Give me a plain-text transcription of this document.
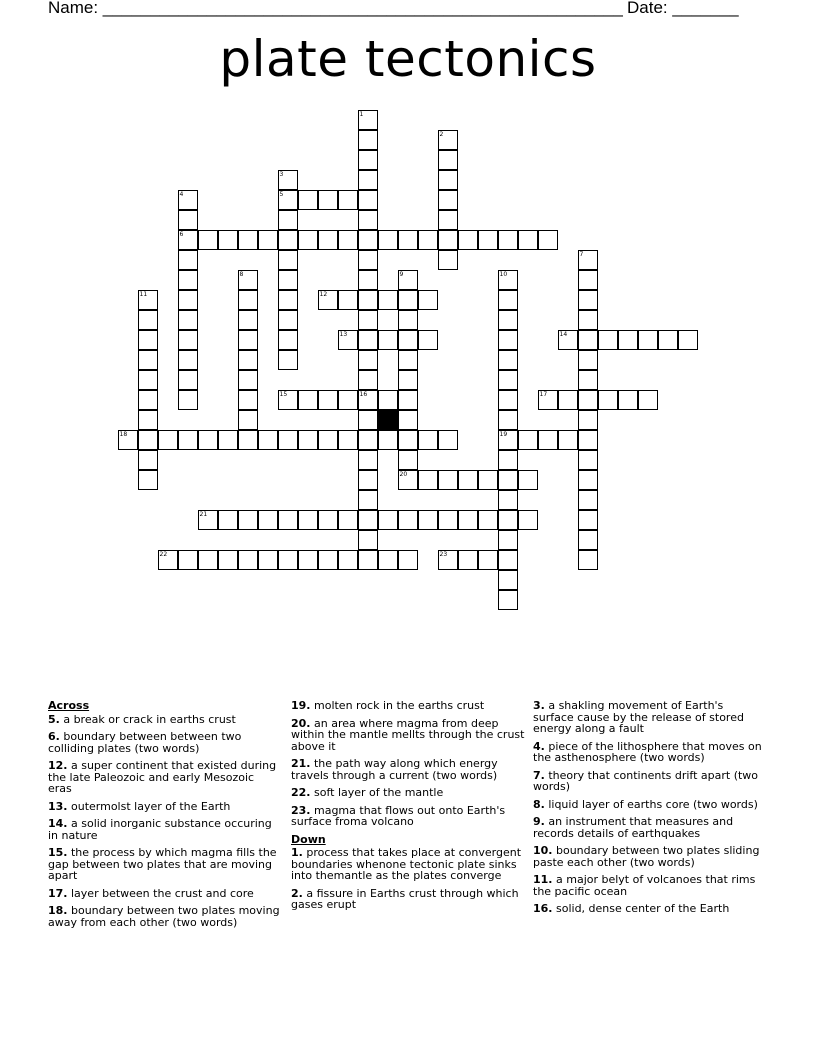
Name: _______________________________________________________ Date: _______
plate tectonics
5
6
12
13	14
15	16	17
18	19
20
21
22	23
1
2
3
4
7
8	9	10
11
Across
5. a break or crack in earths crust
6. boundary between between two colliding plates (two words)
12. a super continent that existed during the late Paleozoic and early Mesozoic eras
13. outermolst layer of the Earth
14. a solid inorganic substance occuring in nature
15. the process by which magma fills the gap between two plates that are moving apart
17. layer between the crust and core
18. boundary between two plates moving away from each other (two words)
19. molten rock in the earths crust
20. an area where magma from deep within the mantle mellts through the crust above it
21. the path way along which energy travels through a current (two words)
22. soft layer of the mantle
23. magma that flows out onto Earth's surface froma volcano
Down
1. process that takes place at convergent boundaries whenone tectonic plate sinks into themantle as the plates converge
2. a fissure in Earths crust through which gases erupt
3. a shakling movement of Earth's surface cause by the release of stored energy along a fault
4. piece of the lithosphere that moves on the asthenosphere (two words)
7. theory that continents drift apart (two words)
8. liquid layer of earths core (two words)
9. an instrument that measures and records details of earthquakes
10. boundary between two plates sliding paste each other (two words)
11. a major belyt of volcanoes that rims the pacific ocean
16. solid, dense center of the Earth
